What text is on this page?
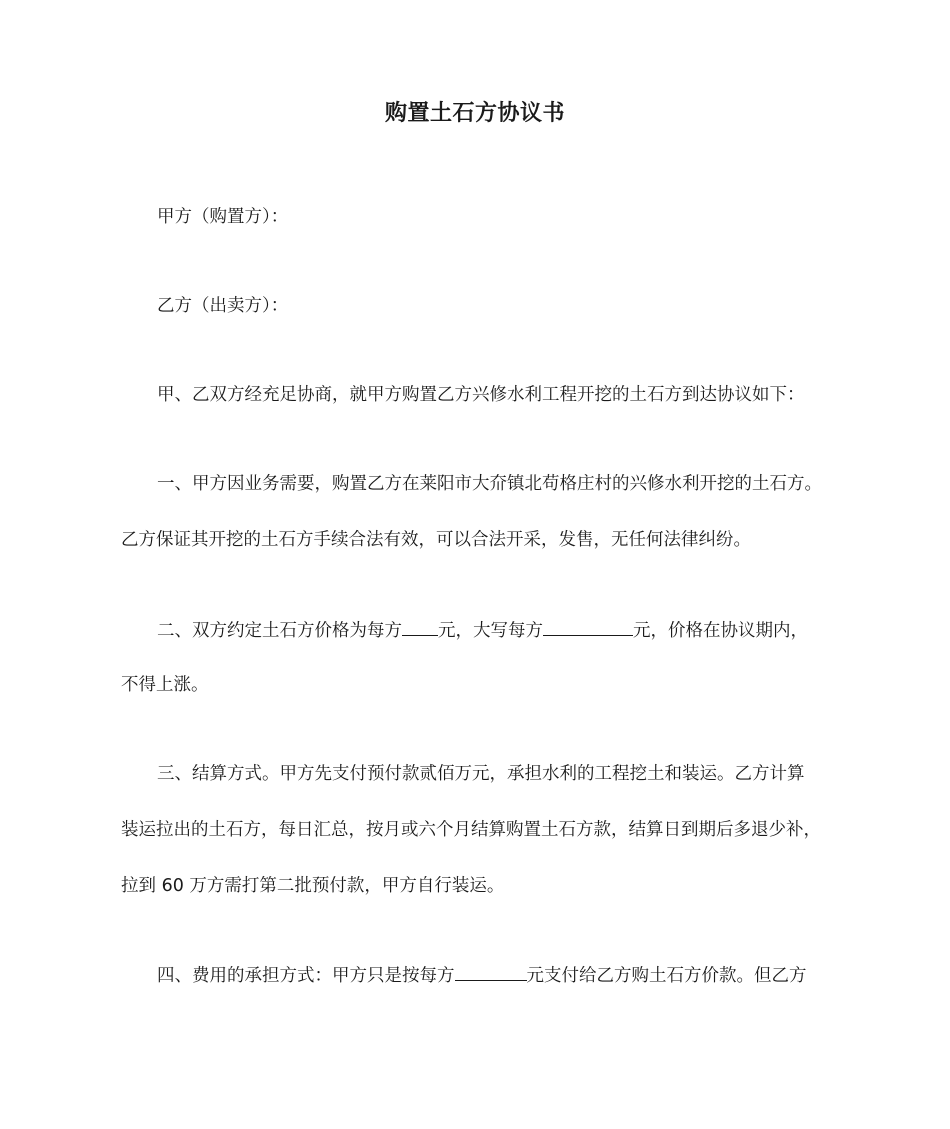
购置土石方协议书
甲方（购置方）：
乙方（出卖方）：
甲、乙双方经充足协商，就甲方购置乙方兴修水利工程开挖的土石方到达协议如下：
一、甲方因业务需要，购置乙方在莱阳市大夼镇北苟格庄村的兴修水利开挖的土石方。
乙方保证其开挖的土石方手续合法有效，可以合法开采，发售，无任何法律纠纷。
二、双方约定土石方价格为每方 元，大写每方	元，价格在协议期内，
不得上涨。
三、结算方式。甲方先支付预付款贰佰万元，承担水利的工程挖土和装运。乙方计算
装运拉出的土石方，每日汇总，按月或六个月结算购置土石方款，结算日到期后多退少补，
拉到 60 万方需打第二批预付款，甲方自行装运。
四、费用的承担方式：甲方只是按每方	元支付给乙方购土石方价款。但乙方
